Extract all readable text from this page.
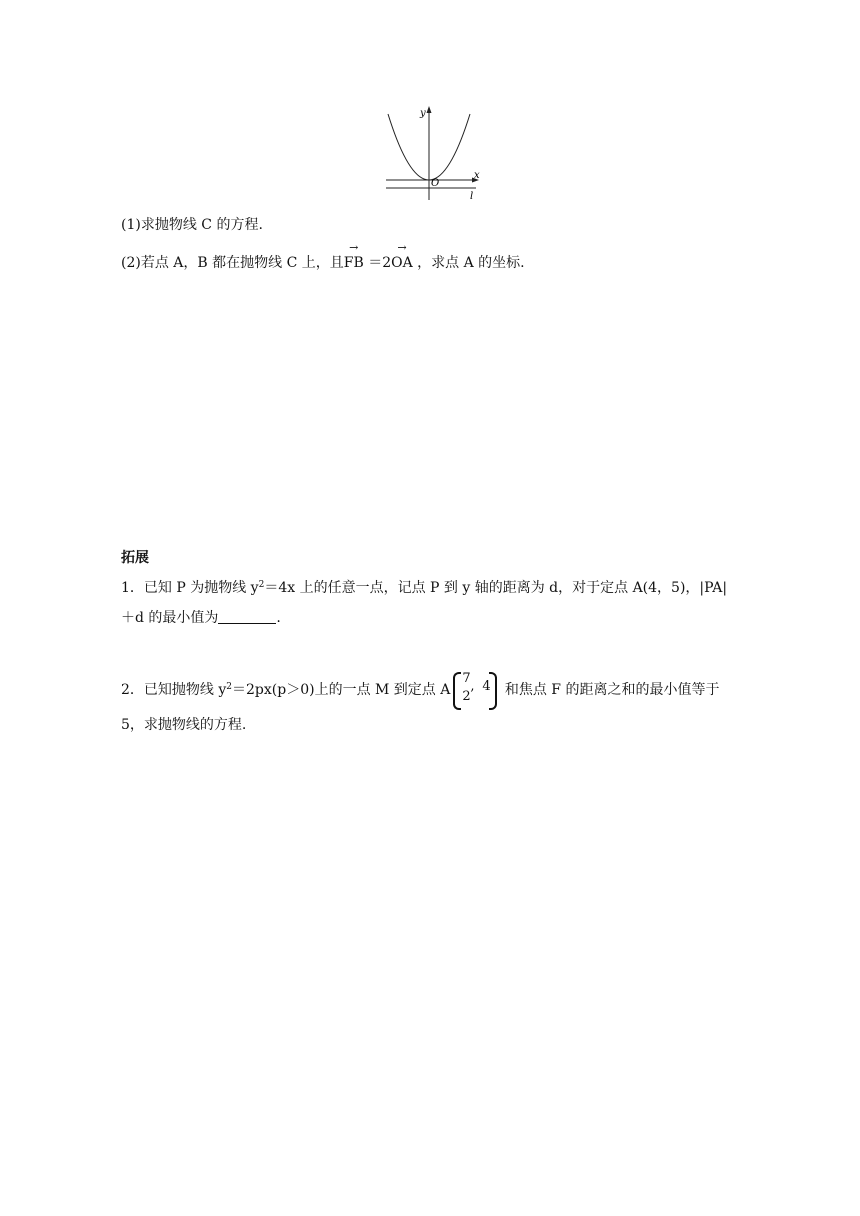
y
x
O
l
(1)求抛物线 C 的方程.
(2)若点 A，B 都在抛物线 C 上，且→ FB ＝2→ OA ，求点 A 的坐标.
拓展
1．已知 P 为抛物线 $y^2=4x$ 上的任意一点，记点 P 到 y 轴的距离为 d，对于定点 A(4，5)，|PA|
＋d 的最小值为	.
2．已知抛物线 $y^2=2px(p>0)$上的一点 M 到定点 A
7
2
, 4 和焦点 F 的距离之和的最小值等于
5，求抛物线的方程.
